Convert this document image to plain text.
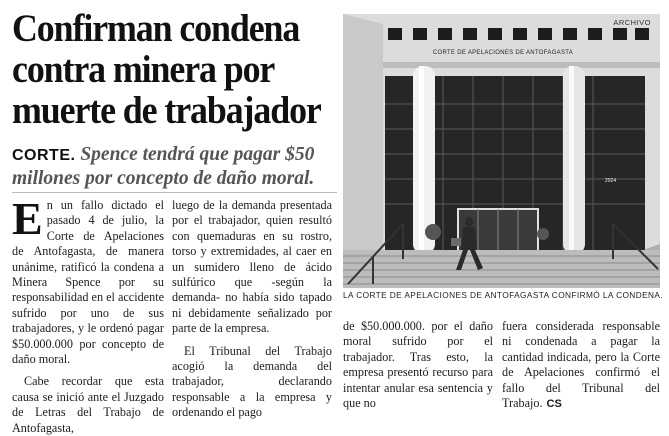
Confirman condena
contra minera por
muerte de trabajador
CORTE. Spence tendrá que pagar $50 millones por concepto de daño moral.

En un fallo dictado el pasado 4 de julio, la Corte de Apelaciones de Antofagasta, de manera unánime, ratificó la condena a Minera Spence por su responsabilidad en el accidente sufrido por uno de sus trabajadores, y le ordenó pagar $50.000.000 por concepto de daño moral.

Cabe recordar que esta causa se inició ante el Juzgado de Letras del Trabajo de Antofagasta,

luego de la demanda presentada por el trabajador, quien resultó con quemaduras en su rostro, torso y extremidades, al caer en un sumidero lleno de ácido sulfúrico que -según la demanda- no había sido tapado ni debidamente señalizado por parte de la empresa.

El Tribunal del Trabajo acogió la demanda del trabajador, declarando responsable a la empresa y ordenando el pago

CORTE DE APELACIONES DE ANTOFAGASTA
2024
ARCHIVO
LA CORTE DE APELACIONES DE ANTOFAGASTA CONFIRMÓ LA CONDENA.

de $50.000.000. por el daño moral sufrido por el trabajador. Tras esto, la empresa presentó recurso para intentar anular esa sentencia y que no

fuera considerada responsable ni condenada a pagar la cantidad indicada, pero la Corte de Apelaciones confirmó el fallo del Tribunal del Trabajo. CS
